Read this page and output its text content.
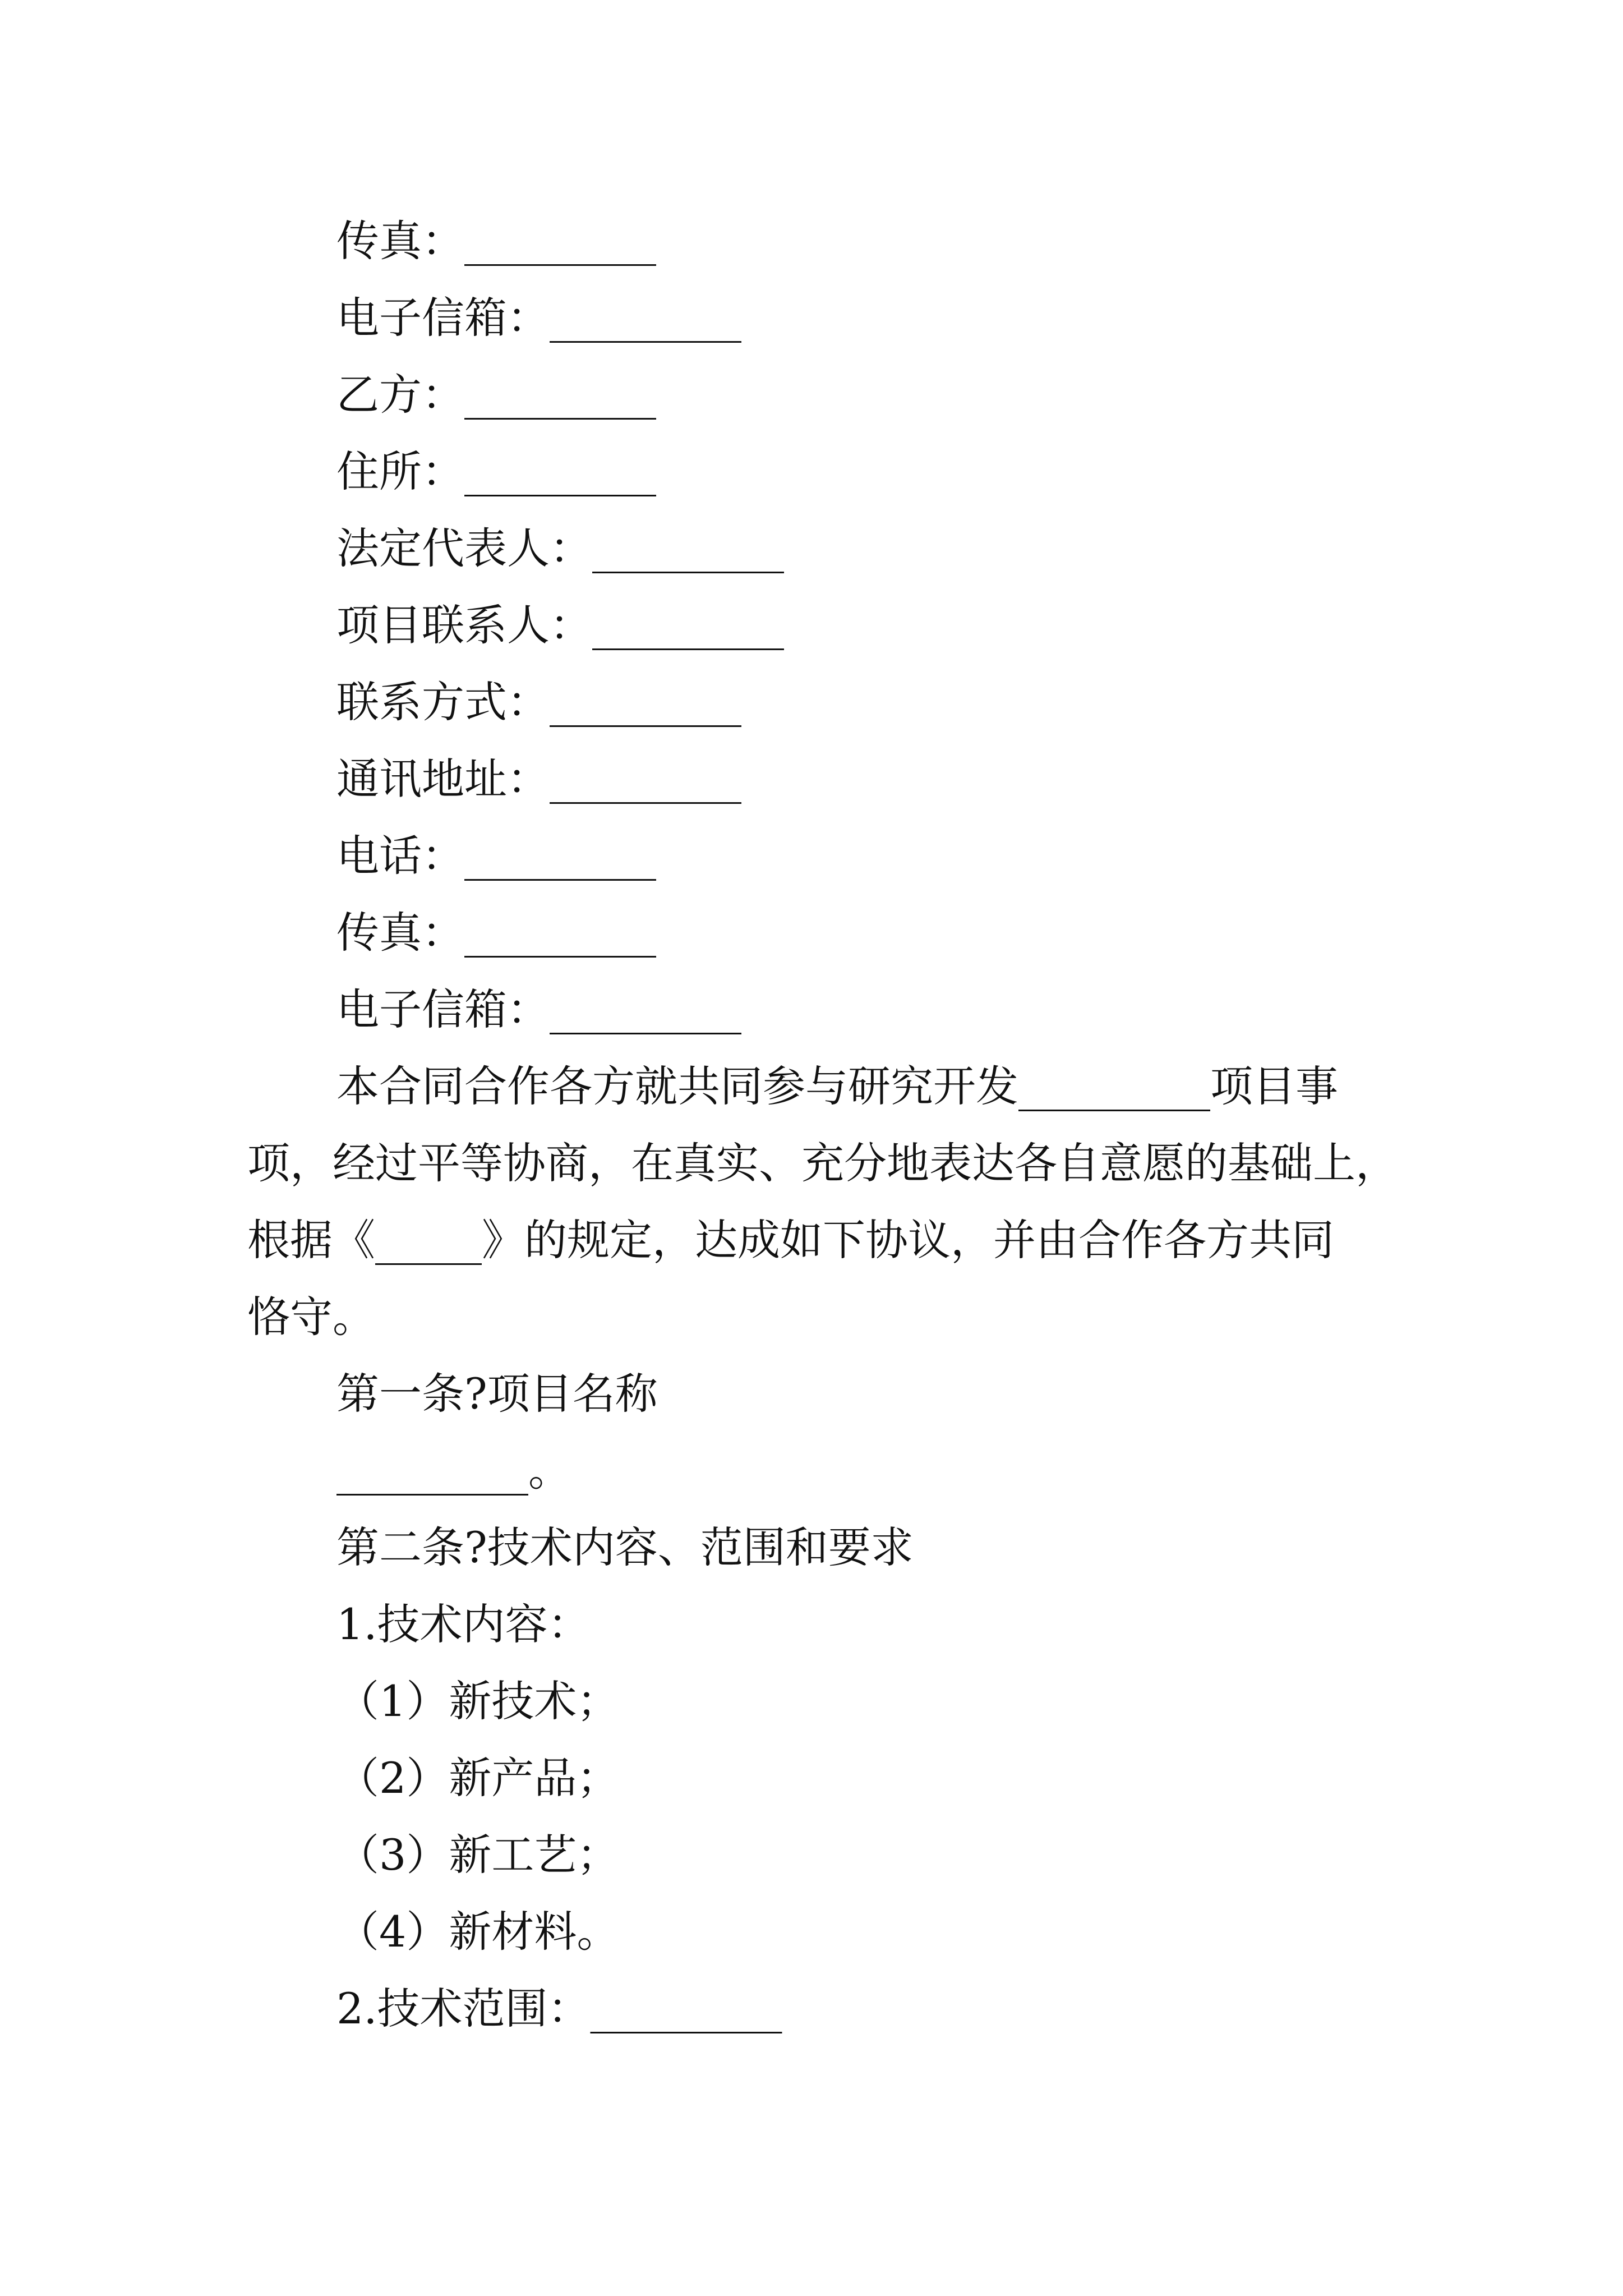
传真：_________
电子信箱：_________
乙方：_________
住所：_________
法定代表人：_________
项目联系人：_________
联系方式：_________
通讯地址：_________
电话：_________
传真：_________
电子信箱：_________
本合同合作各方就共同参与研究开发_________项目事
项，经过平等协商，在真实、充分地表达各自意愿的基础上，
根据《_____》的规定，达成如下协议，并由合作各方共同
恪守。
第一条?项目名称
_________。
第二条?技术内容、范围和要求
1.技术内容：
（1）新技术；
（2）新产品；
（3）新工艺；
（4）新材料。
2.技术范围：_________
